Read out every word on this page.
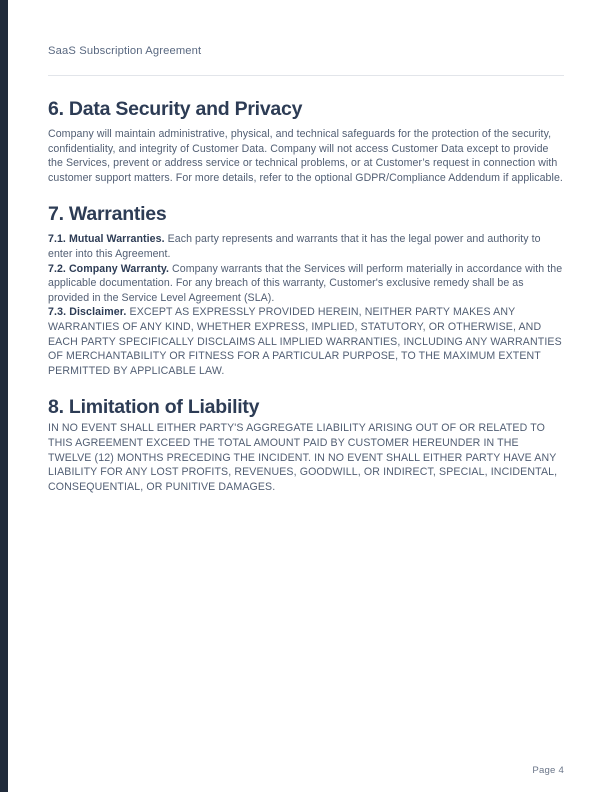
SaaS Subscription Agreement
6. Data Security and Privacy

Company will maintain administrative, physical, and technical safeguards for the protection of the security, confidentiality, and integrity of Customer Data. Company will not access Customer Data except to provide the Services, prevent or address service or technical problems, or at Customer’s request in connection with customer support matters. For more details, refer to the optional GDPR/Compliance Addendum if applicable.

7. Warranties

7.1. Mutual Warranties. Each party represents and warrants that it has the legal power and authority to enter into this Agreement.

7.2. Company Warranty. Company warrants that the Services will perform materially in accordance with the applicable documentation. For any breach of this warranty, Customer's exclusive remedy shall be as provided in the Service Level Agreement (SLA).

7.3. Disclaimer. EXCEPT AS EXPRESSLY PROVIDED HEREIN, NEITHER PARTY MAKES ANY WARRANTIES OF ANY KIND, WHETHER EXPRESS, IMPLIED, STATUTORY, OR OTHERWISE, AND EACH PARTY SPECIFICALLY DISCLAIMS ALL IMPLIED WARRANTIES, INCLUDING ANY WARRANTIES OF MERCHANTABILITY OR FITNESS FOR A PARTICULAR PURPOSE, TO THE MAXIMUM EXTENT PERMITTED BY APPLICABLE LAW.

8. Limitation of Liability

IN NO EVENT SHALL EITHER PARTY'S AGGREGATE LIABILITY ARISING OUT OF OR RELATED TO THIS AGREEMENT EXCEED THE TOTAL AMOUNT PAID BY CUSTOMER HEREUNDER IN THE TWELVE (12) MONTHS PRECEDING THE INCIDENT. IN NO EVENT SHALL EITHER PARTY HAVE ANY LIABILITY FOR ANY LOST PROFITS, REVENUES, GOODWILL, OR INDIRECT, SPECIAL, INCIDENTAL, CONSEQUENTIAL, OR PUNITIVE DAMAGES.

Page 4
